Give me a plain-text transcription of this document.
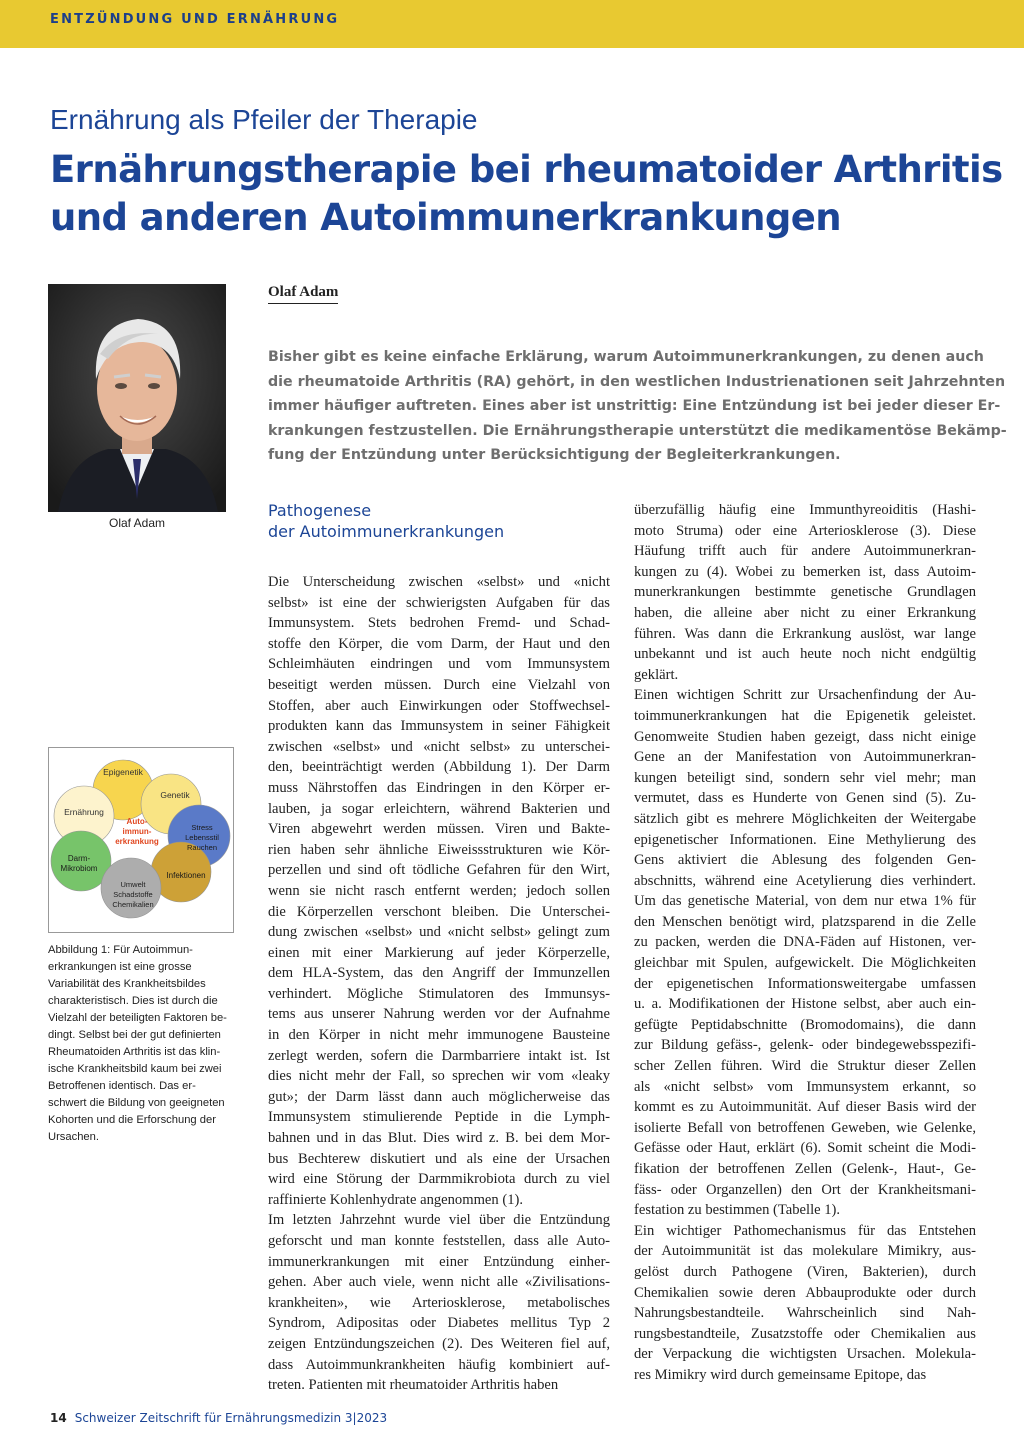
ENTZÜNDUNG UND ERNÄHRUNG
Ernährung als Pfeiler der Therapie
Ernährungstherapie bei rheumatoider Arthritis
und anderen Autoimmunerkrankungen
Olaf Adam
Olaf Adam

Bisher gibt es keine einfache Erklärung, warum Autoimmunerkrankungen, zu denen auch

die rheumatoide Arthritis (RA) gehört, in den westlichen Industrienationen seit Jahrzehnten

immer häufiger auftreten. Eines aber ist unstrittig: Eine Entzündung ist bei jeder dieser Er-

krankungen festzustellen. Die Ernährungstherapie unterstützt die medikamentöse Bekämp-

fung der Entzündung unter Berücksichtigung der Begleiterkrankungen.

Epigenetik
Genetik
Ernährung
Stress
Lebensstil
Rauchen
Darm-
Mikrobiom
Infektionen
Umwelt
Schadstoffe
Chemikalien
Auto-
immun-
erkrankung

Abbildung 1: Für Autoimmun-

erkrankungen ist eine grosse

Variabilität des Krankheitsbildes

charakteristisch. Dies ist durch die

Vielzahl der beteiligten Faktoren be-

dingt. Selbst bei der gut definierten

Rheumatoiden Arthritis ist das klin-

ische Krankheitsbild kaum bei zwei

Betroffenen identisch. Das er-

schwert die Bildung von geeigneten

Kohorten und die Erforschung der

Ursachen.

Pathogenese
der Autoimmunerkrankungen
Die Unterscheidung zwischen «selbst» und «nicht
selbst» ist eine der schwierigsten Aufgaben für das
Immunsystem. Stets bedrohen Fremd- und Schad-
stoffe den Körper, die vom Darm, der Haut und den
Schleimhäuten eindringen und vom Immunsystem
beseitigt werden müssen. Durch eine Vielzahl von
Stoffen, aber auch Einwirkungen oder Stoffwechsel-
produkten kann das Immunsystem in seiner Fähigkeit
zwischen «selbst» und «nicht selbst» zu unterschei-
den, beeinträchtigt werden (Abbildung 1). Der Darm
muss Nährstoffen das Eindringen in den Körper er-
lauben, ja sogar erleichtern, während Bakterien und
Viren abgewehrt werden müssen. Viren und Bakte-
rien haben sehr ähnliche Eiweissstrukturen wie Kör-
perzellen und sind oft tödliche Gefahren für den Wirt,
wenn sie nicht rasch entfernt werden; jedoch sollen
die Körperzellen verschont bleiben. Die Unterschei-
dung zwischen «selbst» und «nicht selbst» gelingt zum
einen mit einer Markierung auf jeder Körperzelle,
dem HLA-System, das den Angriff der Immunzellen
verhindert. Mögliche Stimulatoren des Immunsys-
tems aus unserer Nahrung werden vor der Aufnahme
in den Körper in nicht mehr immunogene Bausteine
zerlegt werden, sofern die Darmbarriere intakt ist. Ist
dies nicht mehr der Fall, so sprechen wir vom «leaky
gut»; der Darm lässt dann auch möglicherweise das
Immunsystem stimulierende Peptide in die Lymph-
bahnen und in das Blut. Dies wird z. B. bei dem Mor-
bus Bechterew diskutiert und als eine der Ursachen
wird eine Störung der Darmmikrobiota durch zu viel
raffinierte Kohlenhydrate angenommen (1).
Im letzten Jahrzehnt wurde viel über die Entzündung
geforscht und man konnte feststellen, dass alle Auto-
immunerkrankungen mit einer Entzündung einher-
gehen. Aber auch viele, wenn nicht alle «Zivilisations-
krankheiten», wie Arteriosklerose, metabolisches
Syndrom, Adipositas oder Diabetes mellitus Typ 2
zeigen Entzündungszeichen (2). Des Weiteren fiel auf,
dass Autoimmunkrankheiten häufig kombiniert auf-
treten. Patienten mit rheumatoider Arthritis haben
überzufällig häufig eine Immunthyreoiditis (Hashi-
moto Struma) oder eine Arteriosklerose (3). Diese
Häufung trifft auch für andere Autoimmunerkran-
kungen zu (4). Wobei zu bemerken ist, dass Autoim-
munerkrankungen bestimmte genetische Grundlagen
haben, die alleine aber nicht zu einer Erkrankung
führen. Was dann die Erkrankung auslöst, war lange
unbekannt und ist auch heute noch nicht endgültig
geklärt.
Einen wichtigen Schritt zur Ursachenfindung der Au-
toimmunerkrankungen hat die Epigenetik geleistet.
Genomweite Studien haben gezeigt, dass nicht einige
Gene an der Manifestation von Autoimmunerkran-
kungen beteiligt sind, sondern sehr viel mehr; man
vermutet, dass es Hunderte von Genen sind (5). Zu-
sätzlich gibt es mehrere Möglichkeiten der Weitergabe
epigenetischer Informationen. Eine Methylierung des
Gens aktiviert die Ablesung des folgenden Gen-
abschnitts, während eine Acetylierung dies verhindert.
Um das genetische Material, von dem nur etwa 1% für
den Menschen benötigt wird, platzsparend in die Zelle
zu packen, werden die DNA-Fäden auf Histonen, ver-
gleichbar mit Spulen, aufgewickelt. Die Möglichkeiten
der epigenetischen Informationsweitergabe umfassen
u. a. Modifikationen der Histone selbst, aber auch ein-
gefügte Peptidabschnitte (Bromodomains), die dann
zur Bildung gefäss-, gelenk- oder bindegewebsspezifi-
scher Zellen führen. Wird die Struktur dieser Zellen
als «nicht selbst» vom Immunsystem erkannt, so
kommt es zu Autoimmunität. Auf dieser Basis wird der
isolierte Befall von betroffenen Geweben, wie Gelenke,
Gefässe oder Haut, erklärt (6). Somit scheint die Modi-
fikation der betroffenen Zellen (Gelenk-, Haut-, Ge-
fäss- oder Organzellen) den Ort der Krankheitsmani-
festation zu bestimmen (Tabelle 1).
Ein wichtiger Pathomechanismus für das Entstehen
der Autoimmunität ist das molekulare Mimikry, aus-
gelöst durch Pathogene (Viren, Bakterien), durch
Chemikalien sowie deren Abbauprodukte oder durch
Nahrungsbestandteile. Wahrscheinlich sind Nah-
rungsbestandteile, Zusatzstoffe oder Chemikalien aus
der Verpackung die wichtigsten Ursachen. Molekula-
res Mimikry wird durch gemeinsame Epitope, das
14 Schweizer Zeitschrift für Ernährungsmedizin 3|2023
